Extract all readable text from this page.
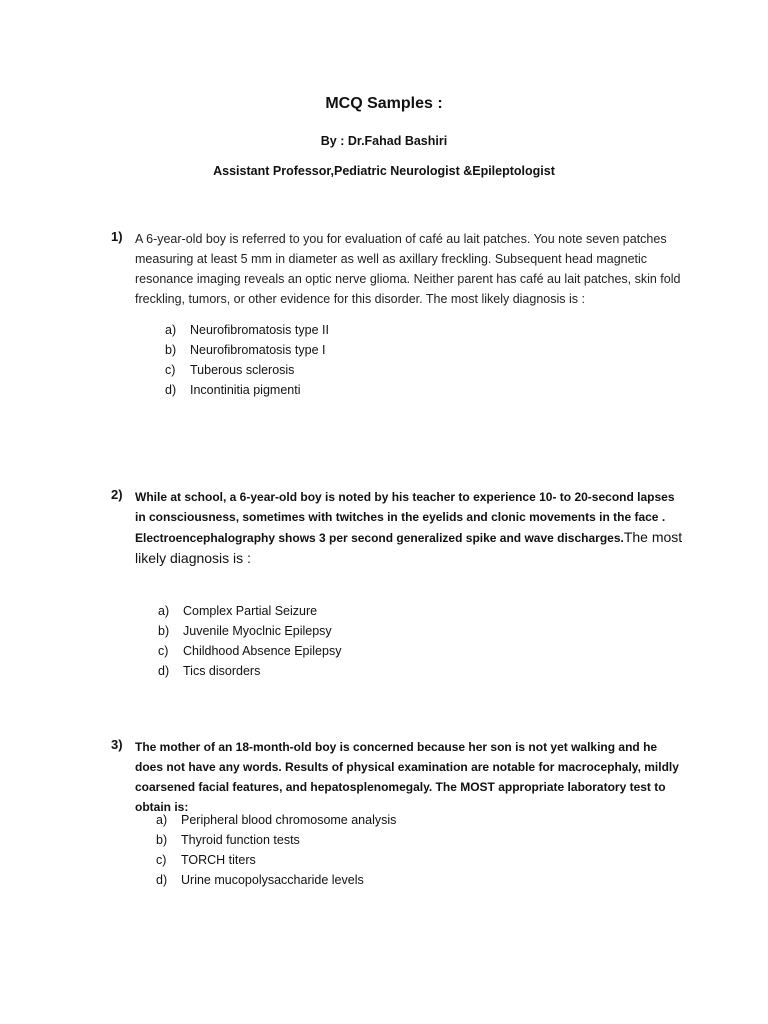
MCQ Samples :
By : Dr.Fahad Bashiri
Assistant Professor,Pediatric Neurologist &Epileptologist
1) A 6-year-old boy is referred to you for evaluation of café au lait patches. You note seven patches measuring at least 5 mm in diameter as well as axillary freckling. Subsequent head magnetic resonance imaging reveals an optic nerve glioma. Neither parent has café au lait patches, skin fold freckling, tumors, or other evidence for this disorder. The most likely diagnosis is :
a)	Neurofibromatosis type II
b)	Neurofibromatosis type I
c)	Tuberous sclerosis
d)	Incontinitia pigmenti
2) While at school, a 6-year-old boy is noted by his teacher to experience 10- to 20-second lapses in consciousness, sometimes with twitches in the eyelids and clonic movements in the face . Electroencephalography shows 3 per second generalized spike and wave discharges.The most likely diagnosis is :
a)	Complex Partial Seizure
b)	Juvenile Myoclnic Epilepsy
c)	Childhood Absence Epilepsy
d)	Tics disorders
3) The mother of an 18-month-old boy is concerned because her son is not yet walking and he does not have any words. Results of physical examination are notable for macrocephaly, mildly coarsened facial features, and hepatosplenomegaly. The MOST appropriate laboratory test to obtain is:
a)	Peripheral blood chromosome analysis
b)	Thyroid function tests
c)	TORCH titers
d)	Urine mucopolysaccharide levels
